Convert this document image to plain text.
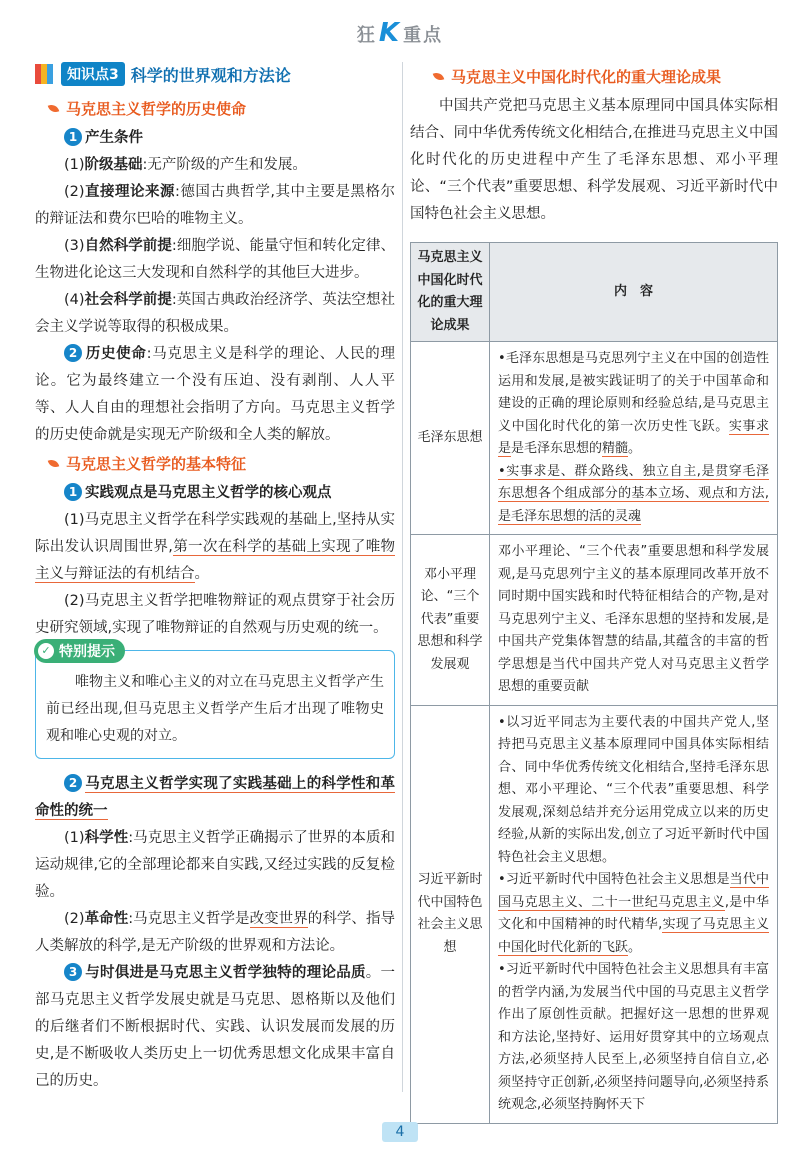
狂K 重点
知识点3 科学的世界观和方法论
马克思主义哲学的历史使命

1 产生条件

(1)阶级基础:无产阶级的产生和发展。

(2)直接理论来源:德国古典哲学,其中主要是黑格尔的辩证法和费尔巴哈的唯物主义。

(3)自然科学前提:细胞学说、能量守恒和转化定律、生物进化论这三大发现和自然科学的其他巨大进步。

(4)社会科学前提:英国古典政治经济学、英法空想社会主义学说等取得的积极成果。

2 历史使命:马克思主义是科学的理论、人民的理论。它为最终建立一个没有压迫、没有剥削、人人平等、人人自由的理想社会指明了方向。马克思主义哲学的历史使命就是实现无产阶级和全人类的解放。

马克思主义哲学的基本特征

1 实践观点是马克思主义哲学的核心观点

(1)马克思主义哲学在科学实践观的基础上,坚持从实际出发认识周围世界,第一次在科学的基础上实现了唯物主义与辩证法的有机结合。

(2)马克思主义哲学把唯物辩证的观点贯穿于社会历史研究领域,实现了唯物辩证的自然观与历史观的统一。

✓ 特别提示

唯物主义和唯心主义的对立在马克思主义哲学产生前已经出现,但马克思主义哲学产生后才出现了唯物史观和唯心史观的对立。

2 马克思主义哲学实现了实践基础上的科学性和革命性的统一

(1)科学性:马克思主义哲学正确揭示了世界的本质和运动规律,它的全部理论都来自实践,又经过实践的反复检验。

(2)革命性:马克思主义哲学是改变世界的科学、指导人类解放的科学,是无产阶级的世界观和方法论。

3 与时俱进是马克思主义哲学独特的理论品质。一部马克思主义哲学发展史就是马克思、恩格斯以及他们的后继者们不断根据时代、实践、认识发展而发展的历史,是不断吸收人类历史上一切优秀思想文化成果丰富自己的历史。

马克思主义中国化时代化的重大理论成果

中国共产党把马克思主义基本原理同中国具体实际相结合、同中华优秀传统文化相结合,在推进马克思主义中国化时代化的历史进程中产生了毛泽东思想、邓小平理论、“三个代表”重要思想、科学发展观、习近平新时代中国特色社会主义思想。

马克思主义中国化时代化的重大理论成果	内　容
毛泽东思想	•毛泽东思想是马克思列宁主义在中国的创造性运用和发展,是被实践证明了的关于中国革命和建设的正确的理论原则和经验总结,是马克思主义中国化时代化的第一次历史性飞跃。实事求是是毛泽东思想的精髓。

•实事求是、群众路线、独立自主,是贯穿毛泽东思想各个组成部分的基本立场、观点和方法,是毛泽东思想的活的灵魂

邓小平理论、“三个代表”重要思想和科学发展观	邓小平理论、“三个代表”重要思想和科学发展观,是马克思列宁主义的基本原理同改革开放不同时期中国实践和时代特征相结合的产物,是对马克思列宁主义、毛泽东思想的坚持和发展,是中国共产党集体智慧的结晶,其蕴含的丰富的哲学思想是当代中国共产党人对马克思主义哲学思想的重要贡献

习近平新时代中国特色社会主义思想	•以习近平同志为主要代表的中国共产党人,坚持把马克思主义基本原理同中国具体实际相结合、同中华优秀传统文化相结合,坚持毛泽东思想、邓小平理论、“三个代表”重要思想、科学发展观,深刻总结并充分运用党成立以来的历史经验,从新的实际出发,创立了习近平新时代中国特色社会主义思想。

•习近平新时代中国特色社会主义思想是当代中国马克思主义、二十一世纪马克思主义,是中华文化和中国精神的时代精华,实现了马克思主义中国化时代化新的飞跃。

•习近平新时代中国特色社会主义思想具有丰富的哲学内涵,为发展当代中国的马克思主义哲学作出了原创性贡献。把握好这一思想的世界观和方法论,坚持好、运用好贯穿其中的立场观点方法,必须坚持人民至上,必须坚持自信自立,必须坚持守正创新,必须坚持问题导向,必须坚持系统观念,必须坚持胸怀天下

4
